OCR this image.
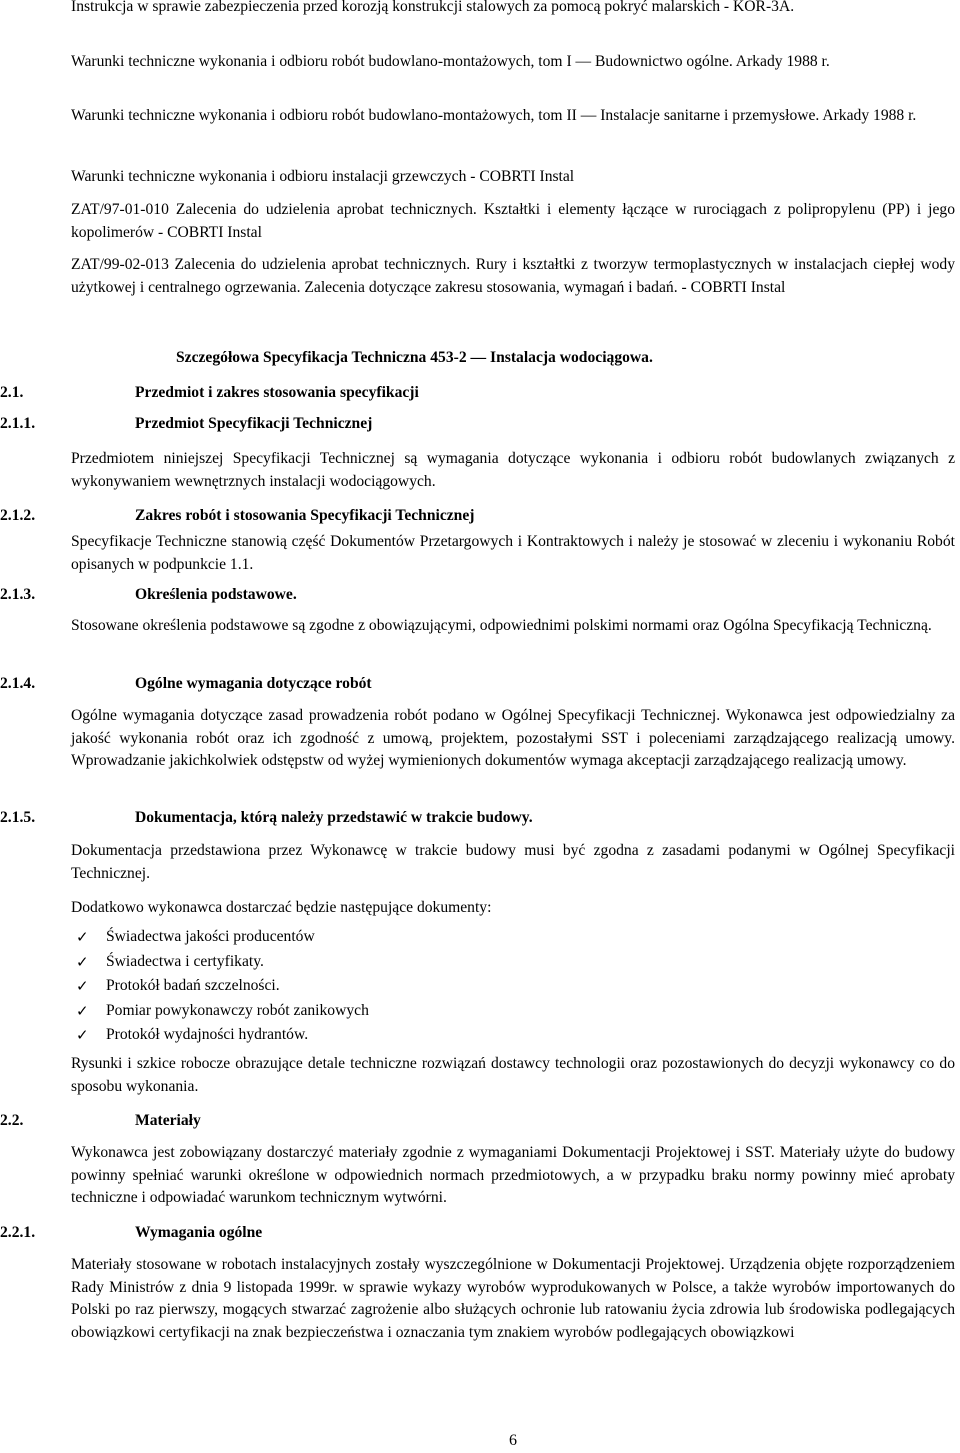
Instrukcja w sprawie zabezpieczenia przed korozją konstrukcji stalowych za pomocą pokryć malarskich - KOR-3A.

Warunki techniczne wykonania i odbioru robót budowlano-montażowych, tom I — Budownictwo ogólne. Arkady 1988 r.

Warunki techniczne wykonania i odbioru robót budowlano-montażowych, tom II — Instalacje sanitarne i przemysłowe. Arkady 1988 r.

Warunki techniczne wykonania i odbioru instalacji grzewczych - COBRTI Instal

ZAT/97-01-010 Zalecenia do udzielenia aprobat technicznych. Kształtki i elementy łączące w rurociągach z polipropylenu (PP) i jego kopolimerów - COBRTI Instal

ZAT/99-02-013 Zalecenia do udzielenia aprobat technicznych. Rury i kształtki z tworzyw termoplastycznych w instalacjach ciepłej wody użytkowej i centralnego ogrzewania. Zalecenia dotyczące zakresu stosowania, wymagań i badań. - COBRTI Instal

Szczegółowa Specyfikacja Techniczna 453-2 — Instalacja wodociągowa.
2.1.	Przedmiot i zakres stosowania specyfikacji
2.1.1.	Przedmiot Specyfikacji Technicznej

Przedmiotem niniejszej Specyfikacji Technicznej są wymagania dotyczące wykonania i odbioru robót budowlanych związanych z wykonywaniem wewnętrznych instalacji wodociągowych.

2.1.2.	Zakres robót i stosowania Specyfikacji Technicznej

Specyfikacje Techniczne stanowią część Dokumentów Przetargowych i Kontraktowych i należy je stosować w zleceniu i wykonaniu Robót opisanych w podpunkcie 1.1.

2.1.3.	Określenia podstawowe.

Stosowane określenia podstawowe są zgodne z obowiązującymi, odpowiednimi polskimi normami oraz Ogólna Specyfikacją Techniczną.

2.1.4.	Ogólne wymagania dotyczące robót

Ogólne wymagania dotyczące zasad prowadzenia robót podano w Ogólnej Specyfikacji Technicznej. Wykonawca jest odpowiedzialny za jakość wykonania robót oraz ich zgodność z umową, projektem, pozostałymi SST i poleceniami zarządzającego realizacją umowy. Wprowadzanie jakichkolwiek odstępstw od wyżej wymienionych dokumentów wymaga akceptacji zarządzającego realizacją umowy.

2.1.5.	Dokumentacja, którą należy przedstawić w trakcie budowy.

Dokumentacja przedstawiona przez Wykonawcę w trakcie budowy musi być zgodna z zasadami podanymi w Ogólnej Specyfikacji Technicznej.

Dodatkowo wykonawca dostarczać będzie następujące dokumenty:

✓ Świadectwa jakości producentów
✓ Świadectwa i certyfikaty.
✓ Protokół badań szczelności.
✓ Pomiar powykonawczy robót zanikowych
✓ Protokół wydajności hydrantów.

Rysunki i szkice robocze obrazujące detale techniczne rozwiązań dostawcy technologii oraz pozostawionych do decyzji wykonawcy co do sposobu wykonania.

2.2.	Materiały

Wykonawca jest zobowiązany dostarczyć materiały zgodnie z wymaganiami Dokumentacji Projektowej i SST. Materiały użyte do budowy powinny spełniać warunki określone w odpowiednich normach przedmiotowych, a w przypadku braku normy powinny mieć aprobaty techniczne i odpowiadać warunkom technicznym wytwórni.

2.2.1.	Wymagania ogólne

Materiały stosowane w robotach instalacyjnych zostały wyszczególnione w Dokumentacji Projektowej. Urządzenia objęte rozporządzeniem Rady Ministrów z dnia 9 listopada 1999r. w sprawie wykazy wyrobów wyprodukowanych w Polsce, a także wyrobów importowanych do Polski po raz pierwszy, mogących stwarzać zagrożenie albo służących ochronie lub ratowaniu życia zdrowia lub środowiska podlegających obowiązkowi certyfikacji na znak bezpieczeństwa i oznaczania tym znakiem wyrobów podlegających obowiązkowi

6
